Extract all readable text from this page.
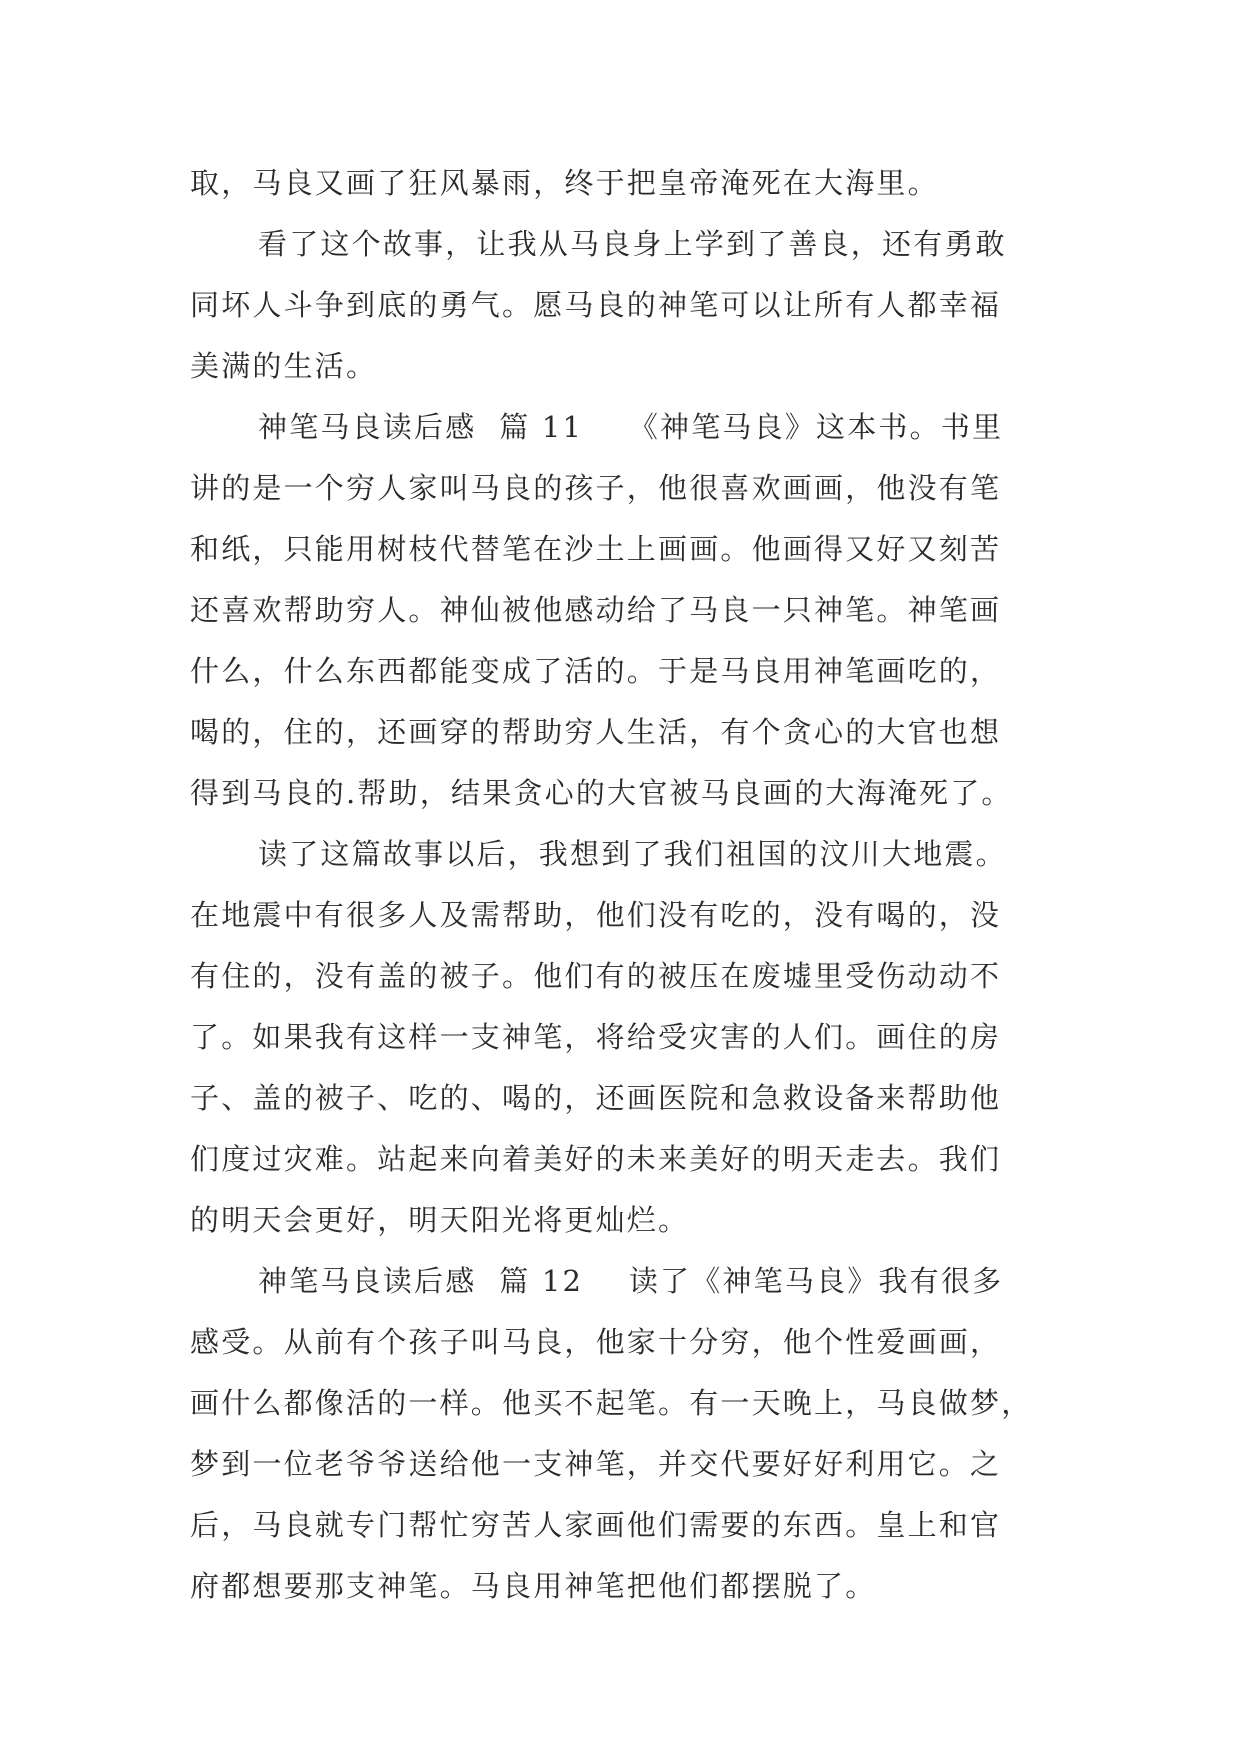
取，马良又画了狂风暴雨，终于把皇帝淹死在大海里。
看了这个故事，让我从马良身上学到了善良，还有勇敢
同坏人斗争到底的勇气。愿马良的神笔可以让所有人都幸福
美满的生活。
神笔马良读后感  篇 11    《神笔马良》这本书。书里
讲的是一个穷人家叫马良的孩子，他很喜欢画画，他没有笔
和纸，只能用树枝代替笔在沙土上画画。他画得又好又刻苦
还喜欢帮助穷人。神仙被他感动给了马良一只神笔。神笔画
什么，什么东西都能变成了活的。于是马良用神笔画吃的，
喝的，住的，还画穿的帮助穷人生活，有个贪心的大官也想
得到马良的.帮助，结果贪心的大官被马良画的大海淹死了。
读了这篇故事以后，我想到了我们祖国的汶川大地震。
在地震中有很多人及需帮助，他们没有吃的，没有喝的，没
有住的，没有盖的被子。他们有的被压在废墟里受伤动动不
了。如果我有这样一支神笔，将给受灾害的人们。画住的房
子、盖的被子、吃的、喝的，还画医院和急救设备来帮助他
们度过灾难。站起来向着美好的未来美好的明天走去。我们
的明天会更好，明天阳光将更灿烂。
神笔马良读后感  篇 12    读了《神笔马良》我有很多
感受。从前有个孩子叫马良，他家十分穷，他个性爱画画，
画什么都像活的一样。他买不起笔。有一天晚上，马良做梦，
梦到一位老爷爷送给他一支神笔，并交代要好好利用它。之
后，马良就专门帮忙穷苦人家画他们需要的东西。皇上和官
府都想要那支神笔。马良用神笔把他们都摆脱了。
